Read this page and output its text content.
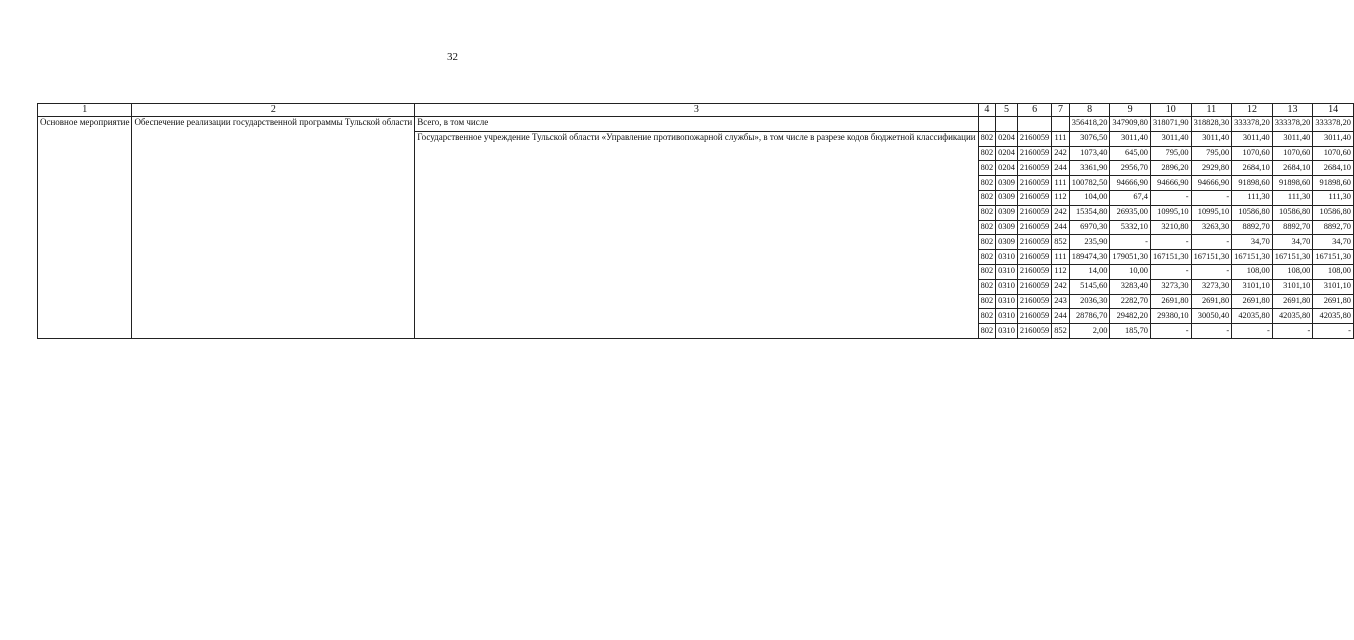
32
1	2	3	4	5	6	7	8	9	10	11	12	13	14
Основное мероприятие	Обеспечение реализации государственной программы Тульской области	Всего, в том числе					356418,20	347909,80	318071,90	318828,30	333378,20	333378,20	333378,20
		Государственное учреждение Тульской области «Управление противопожарной службы», в том числе в разрезе кодов бюджетной классификации	802	0204	2160059	111	3076,50	3011,40	3011,40	3011,40	3011,40	3011,40	3011,40
			802	0204	2160059	242	1073,40	645,00	795,00	795,00	1070,60	1070,60	1070,60
			802	0204	2160059	244	3361,90	2956,70	2896,20	2929,80	2684,10	2684,10	2684,10
			802	0309	2160059	111	100782,50	94666,90	94666,90	94666,90	91898,60	91898,60	91898,60
			802	0309	2160059	112	104,00	67,4	-	-	111,30	111,30	111,30
			802	0309	2160059	242	15354,80	26935,00	10995,10	10995,10	10586,80	10586,80	10586,80
			802	0309	2160059	244	6970,30	5332,10	3210,80	3263,30	8892,70	8892,70	8892,70
			802	0309	2160059	852	235,90	-	-	-	34,70	34,70	34,70
			802	0310	2160059	111	189474,30	179051,30	167151,30	167151,30	167151,30	167151,30	167151,30
			802	0310	2160059	112	14,00	10,00	-	-	108,00	108,00	108,00
			802	0310	2160059	242	5145,60	3283,40	3273,30	3273,30	3101,10	3101,10	3101,10
			802	0310	2160059	243	2036,30	2282,70	2691,80	2691,80	2691,80	2691,80	2691,80
			802	0310	2160059	244	28786,70	29482,20	29380,10	30050,40	42035,80	42035,80	42035,80
			802	0310	2160059	852	2,00	185,70	-	-	-	-	-
